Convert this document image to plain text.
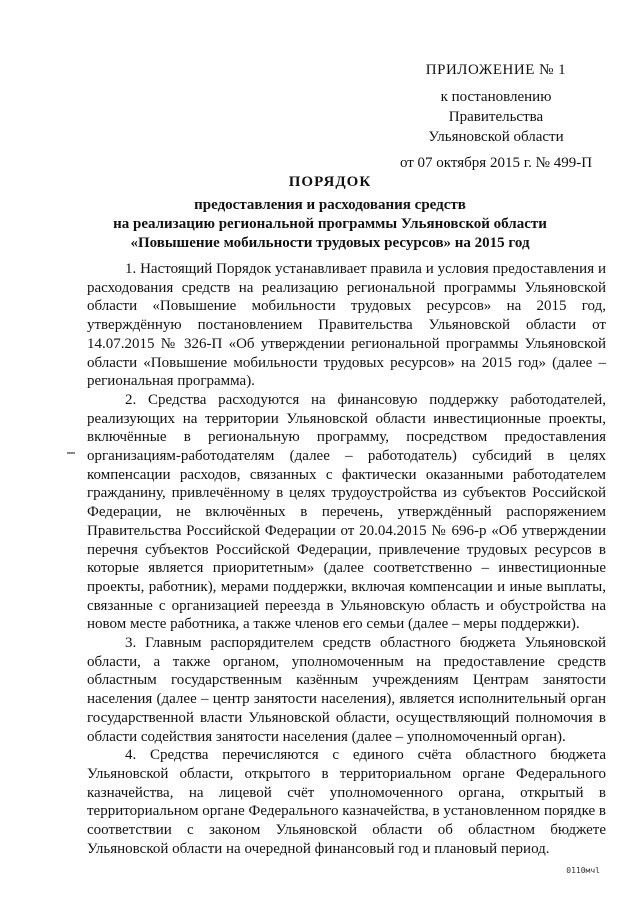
ПРИЛОЖЕНИЕ № 1
к постановлению Правительства
Ульяновской области
от 07 октября 2015 г. № 499-П
ПОРЯДОК
предоставления и расходования средств
на реализацию региональной программы Ульяновской области
«Повышение мобильности трудовых ресурсов» на 2015 год

1. Настоящий Порядок устанавливает правила и условия предоставления и расходования средств на реализацию региональной программы Ульяновской области «Повышение мобильности трудовых ресурсов» на 2015 год, утверждённую постановлением Правительства Ульяновской области от 14.07.2015 № 326-П «Об утверждении региональной программы Ульяновской области «Повышение мобильности трудовых ресурсов» на 2015 год» (далее – региональная программа).

2. Средства расходуются на финансовую поддержку работодателей, реализующих на территории Ульяновской области инвестиционные проекты, включённые в региональную программу, посредством предоставления организациям-работодателям (далее – работодатель) субсидий в целях компенсации расходов, связанных с фактически оказанными работодателем гражданину, привлечённому в целях трудоустройства из субъектов Российской Федерации, не включённых в перечень, утверждённый распоряжением Правительства Российской Федерации от 20.04.2015 № 696-р «Об утверждении перечня субъектов Российской Федерации, привлечение трудовых ресурсов в которые является приоритетным» (далее соответственно – инвестиционные проекты, работник), мерами поддержки, включая компенсации и иные выплаты, связанные с организацией переезда в Ульяновскую область и обустройства на новом месте работника, а также членов его семьи (далее – меры поддержки).

3. Главным распорядителем средств областного бюджета Ульяновской области, а также органом, уполномоченным на предоставление средств областным государственным казённым учреждениям Центрам занятости населения (далее – центр занятости населения), является исполнительный орган государственной власти Ульяновской области, осуществляющий полномочия в области содействия занятости населения (далее – уполномоченный орган).

4. Средства перечисляются с единого счёта областного бюджета Ульяновской области, открытого в территориальном органе Федерального казначейства, на лицевой счёт уполномоченного органа, открытый в территориальном органе Федерального казначейства, в установленном порядке в соответствии с законом Ульяновской области об областном бюджете Ульяновской области на очередной финансовый год и плановый период.

0110мчl
